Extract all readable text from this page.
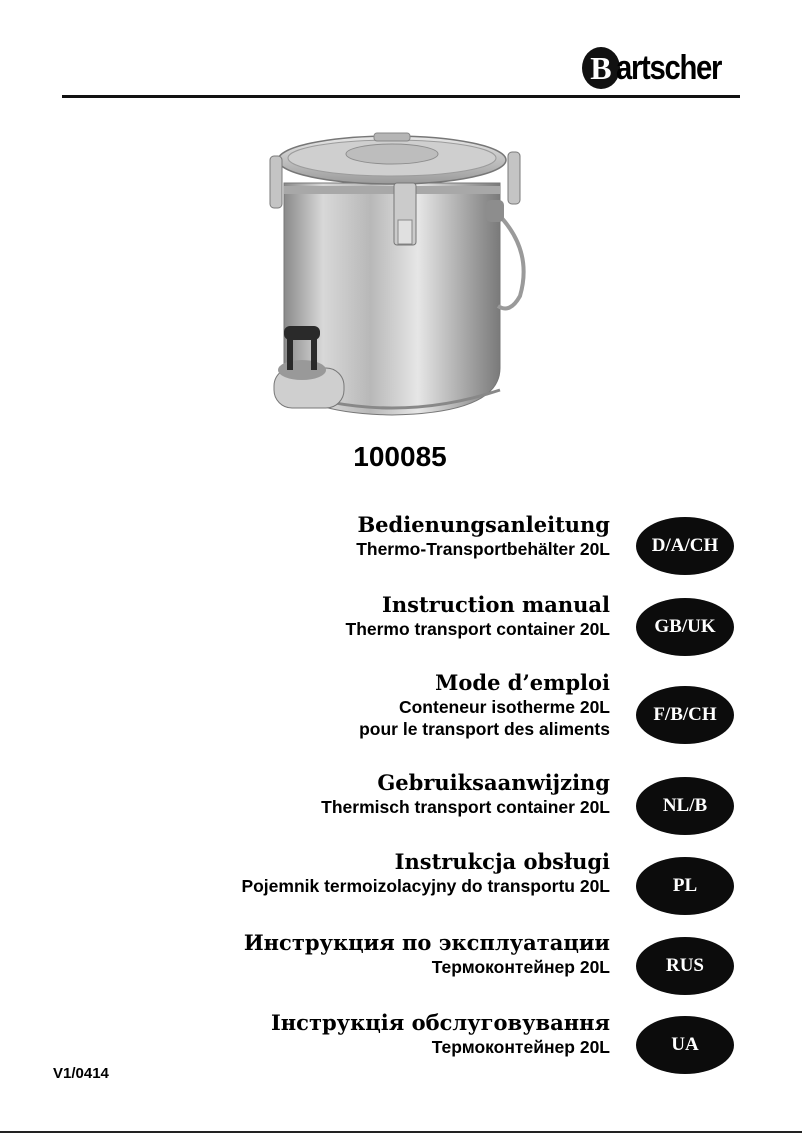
B artscher
100085
Bedienungsanleitung
Thermo-Transportbehälter 20L	D/A/CH
Instruction manual
Thermo transport container 20L	GB/UK
Mode d’emploi
Conteneur isotherme 20L
pour le transport des aliments
F/B/CH
Gebruiksaanwijzing
Thermisch transport container 20L	NL/B
Instrukcja obsługi
Pojemnik termoizolacyjny do transportu 20L	PL
Инструкция по эксплуатации
Термоконтейнер 20L	RUS
Інструкція обслуговування
Термоконтейнер 20L	UA
V1/0414
